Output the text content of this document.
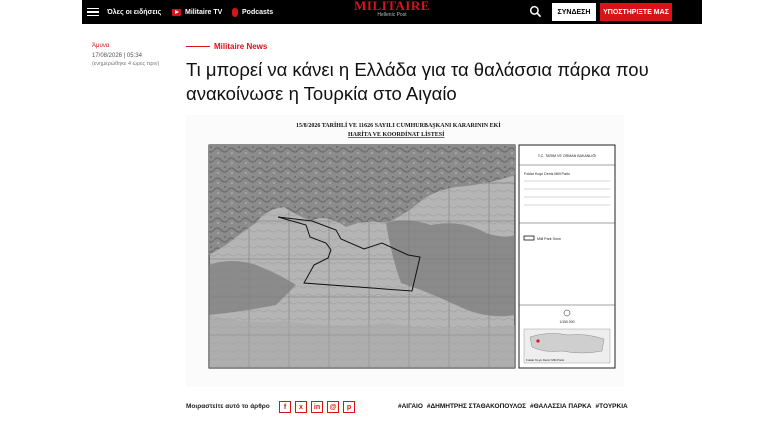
Όλες οι ειδήσεις	Militaire TV	Podcasts	MILITAIRE
Hellenic Post	ΣΥΝΔΕΣΗ	ΥΠΟΣΤΗΡΙΞΤΕ ΜΑΣ
Άμυνα
17/08/2026 | 05:34
(ενημερώθηκε 4 ώρες πριν)
Militaire News
Τι μπορεί να κάνει η Ελλάδα για τα θαλάσσια πάρκα που ανακοίνωσε η Τουρκία στο Αιγαίο
15/8/2026 TARİHLİ VE 11626 SAYILI CUMHURBAŞKANI KARARININ EKİ
HARİTA VE KOORDİNAT LİSTESİ
T.C. TARIM VE ORMAN BAKANLIĞI
Foklar Koyu Deniz Milli Parkı
Milli Park Sınırı
1/150.000
Foklar Koyu Deniz Milli Parkı
Μοιραστείτε αυτό το άρθρο	f	x	in	@	p	#ΑΙΓΑΙΟ #ΔΗΜΗΤΡΗΣ ΣΤΑΘΑΚΟΠΟΥΛΟΣ #ΘΑΛΑΣΣΙΑ ΠΑΡΚΑ #ΤΟΥΡΚΙΑ
